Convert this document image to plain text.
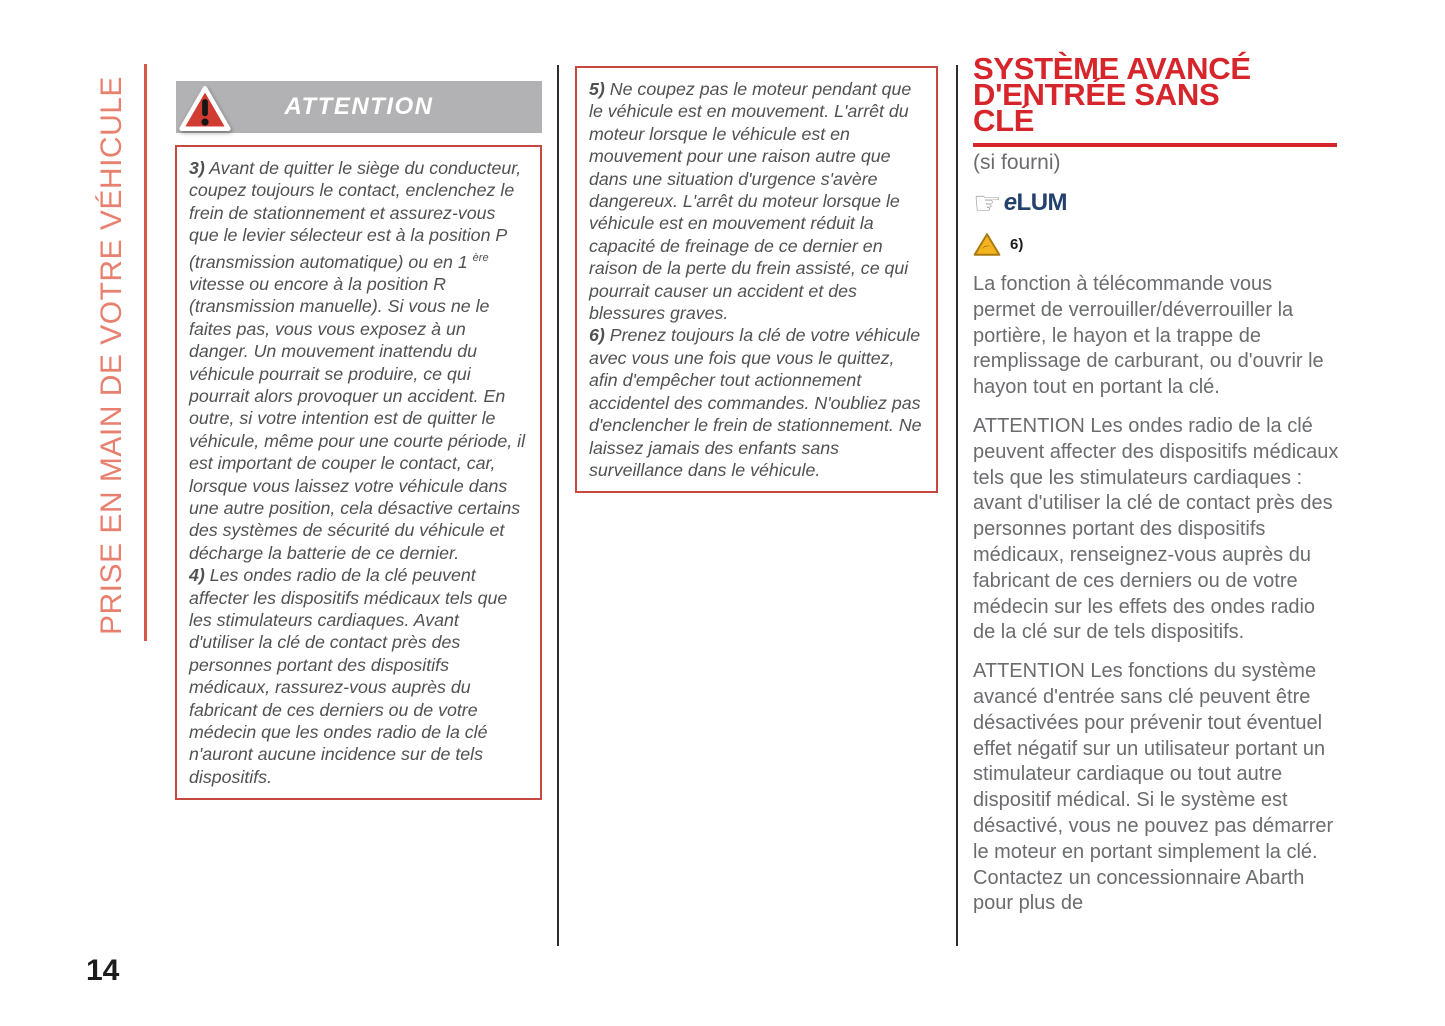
PRISE EN MAIN DE VOTRE VÉHICULE	ATTENTION
3) Avant de quitter le siège du conducteur, coupez toujours le contact, enclenchez le frein de stationnement et assurez-vous que le levier sélecteur est à la position P (transmission automatique) ou en 1 $^{ère}$ vitesse ou encore à la position R (transmission manuelle). Si vous ne le faites pas, vous vous exposez à un danger. Un mouvement inattendu du véhicule pourrait se produire, ce qui pourrait alors provoquer un accident. En outre, si votre intention est de quitter le véhicule, même pour une courte période, il est important de couper le contact, car, lorsque vous laissez votre véhicule dans une autre position, cela désactive certains des systèmes de sécurité du véhicule et décharge la batterie de ce dernier.
4) Les ondes radio de la clé peuvent affecter les dispositifs médicaux tels que les stimulateurs cardiaques. Avant d'utiliser la clé de contact près des personnes portant des dispositifs médicaux, rassurez-vous auprès du fabricant de ces derniers ou de votre médecin que les ondes radio de la clé n'auront aucune incidence sur de tels dispositifs.
5) Ne coupez pas le moteur pendant que le véhicule est en mouvement. L'arrêt du moteur lorsque le véhicule est en mouvement pour une raison autre que dans une situation d'urgence s'avère dangereux. L'arrêt du moteur lorsque le véhicule est en mouvement réduit la capacité de freinage de ce dernier en raison de la perte du frein assisté, ce qui pourrait causer un accident et des blessures graves.
6) Prenez toujours la clé de votre véhicule avec vous une fois que vous le quittez, afin d'empêcher tout actionnement accidentel des commandes. N'oubliez pas d'enclencher le frein de stationnement. Ne laissez jamais des enfants sans surveillance dans le véhicule.
SYSTÈME AVANCÉ
D'ENTRÉE SANS
CLÉ
(si fourni)
☞ eLUM
6)

La fonction à télécommande vous permet de verrouiller/déverrouiller la portière, le hayon et la trappe de remplissage de carburant, ou d'ouvrir le hayon tout en portant la clé.

ATTENTION Les ondes radio de la clé peuvent affecter des dispositifs médicaux tels que les stimulateurs cardiaques : avant d'utiliser la clé de contact près des personnes portant des dispositifs médicaux, renseignez-vous auprès du fabricant de ces derniers ou de votre médecin sur les effets des ondes radio de la clé sur de tels dispositifs.

ATTENTION Les fonctions du système avancé d'entrée sans clé peuvent être désactivées pour prévenir tout éventuel effet négatif sur un utilisateur portant un stimulateur cardiaque ou tout autre dispositif médical. Si le système est désactivé, vous ne pouvez pas démarrer le moteur en portant simplement la clé. Contactez un concessionnaire Abarth pour plus de

14
